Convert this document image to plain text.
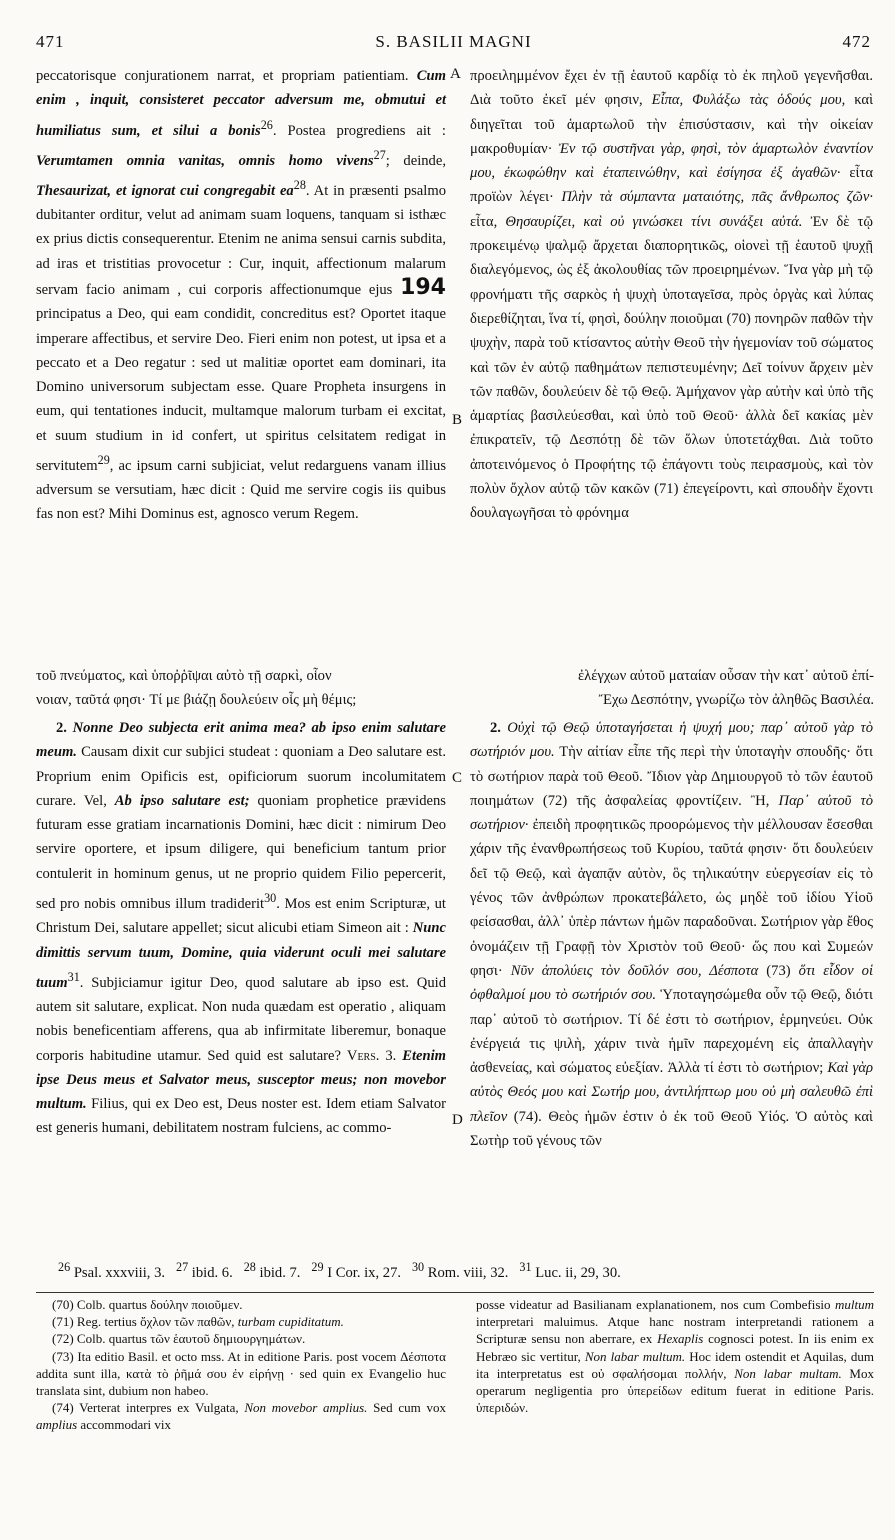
471	S. BASILII MAGNI	472
A
B
C
D

peccatorisque conjurationem narrat, et propriam patientiam. Cum enim , inquit, consisteret peccator adversum me, obmutui et humiliatus sum, et silui a bonis$^{26}$. Postea progrediens ait : Verumtamen omnia vanitas, omnis homo vivens$^{27}$; deinde, Thesaurizat, et ignorat cui congregabit $ea^{28}$. At in præsenti psalmo dubitanter orditur, velut ad animam suam loquens, tanquam si isthæc ex prius dictis consequerentur. Etenim ne anima sensui carnis subdita, ad iras et tristitias provocetur : Cur, inquit, affectionum malarum servam facio animam , cui corporis affectionumque ejus 194 principatus a Deo, qui eam condidit, concreditus est? Oportet itaque imperare affectibus, et servire Deo. Fieri enim non potest, ut ipsa et a peccato et a Deo regatur : sed ut malitiæ oportet eam dominari, ita Domino universorum subjectam esse. Quare Propheta insurgens in eum, qui tentationes inducit, multamque malorum turbam ei excitat, et suum studium in id confert, ut spiritus celsitatem redigat in servitutem$^{29}$, ac ipsum carni subjiciat, velut redarguens vanam illius adversum se versutiam, hæc dicit : Quid me servire cogis iis quibus fas non est? Mihi Dominus est, agnosco verum Regem.

προειλημμένον ἔχει ἐν τῇ ἑαυτοῦ καρδίᾳ τὸ ἐκ πηλοῦ γεγενῆσθαι. Διὰ τοῦτο ἐκεῖ μέν φησιν, Εἶπα, Φυλάξω τὰς ὁδούς μου, καὶ διηγεῖται τοῦ ἁμαρτωλοῦ τὴν ἐπισύστασιν, καὶ τὴν οἰκείαν μακροθυμίαν· Ἐν τῷ συστῆναι γὰρ, φησὶ, τὸν ἁμαρτωλὸν ἐναντίον μου, ἐκωφώθην καὶ ἐταπεινώθην, καὶ ἐσίγησα ἐξ ἀγαθῶν· εἶτα προϊὼν λέγει· Πλὴν τὰ σύμπαντα ματαιότης, πᾶς ἄνθρωπος ζῶν· εἶτα, Θησαυρίζει, καὶ οὐ γινώσκει τίνι συνάξει αὐτά. Ἐν δὲ τῷ προκειμένῳ ψαλμῷ ἄρχεται διαπορητικῶς, οἱονεὶ τῇ ἑαυτοῦ ψυχῇ διαλεγόμενος, ὡς ἐξ ἀκολουθίας τῶν προειρημένων. Ἵνα γὰρ μὴ τῷ φρονήματι τῆς σαρκὸς ἡ ψυχὴ ὑποταγεῖσα, πρὸς ὀργὰς καὶ λύπας διερεθίζηται, ἵνα τί, φησὶ, δούλην ποιοῦμαι (70) πονηρῶν παθῶν τὴν ψυχὴν, παρὰ τοῦ κτίσαντος αὐτὴν Θεοῦ τὴν ἡγεμονίαν τοῦ σώματος καὶ τῶν ἐν αὐτῷ παθημάτων πεπιστευμένην; Δεῖ τοίνυν ἄρχειν μὲν τῶν παθῶν, δουλεύειν δὲ τῷ Θεῷ. Ἀμήχανον γὰρ αὐτὴν καὶ ὑπὸ τῆς ἁμαρτίας βασιλεύεσθαι, καὶ ὑπὸ τοῦ Θεοῦ· ἀλλὰ δεῖ κακίας μὲν ἐπικρατεῖν, τῷ Δεσπότῃ δὲ τῶν ὅλων ὑποτετάχθαι. Διὰ τοῦτο ἀποτεινόμενος ὁ Προφήτης τῷ ἐπάγοντι τοὺς πειρασμοὺς, καὶ τὸν πολὺν ὄχλον αὐτῷ τῶν κακῶν (71) ἐπεγείροντι, καὶ σπουδὴν ἔχοντι δουλαγωγῆσαι τὸ φρόνημα

τοῦ πνεύματος, καὶ ὑποῤῥῖψαι αὐτὸ τῇ σαρκὶ, οἷον	ἐλέγχων αὐτοῦ ματαίαν οὖσαν τὴν κατ᾽ αὐτοῦ ἐπί-
νοιαν, ταῦτά φησι· Τί με βιάζῃ δουλεύειν οἷς μὴ θέμις;	Ἔχω Δεσπότην, γνωρίζω τὸν ἀληθῶς Βασιλέα.

2. Nonne Deo subjecta erit anima mea? ab ipso enim salutare meum. Causam dixit cur subjici studeat : quoniam a Deo salutare est. Proprium enim Opificis est, opificiorum suorum incolumitatem curare. Vel, Ab ipso salutare est; quoniam prophetice prævidens futuram esse gratiam incarnationis Domini, hæc dicit : nimirum Deo servire oportere, et ipsum diligere, qui beneficium tantum prior contulerit in hominum genus, ut ne proprio quidem Filio pepercerit, sed pro nobis omnibus illum tradiderit$^{30}$. Mos est enim Scripturæ, ut Christum Dei, salutare appellet; sicut alicubi etiam Simeon ait : Nunc dimittis servum tuum, Domine, quia viderunt oculi mei salutare tuum$^{31}$. Subjiciamur igitur Deo, quod salutare ab ipso est. Quid autem sit salutare, explicat. Non nuda quædam est operatio , aliquam nobis beneficentiam afferens, qua ab infirmitate liberemur, bonaque corporis habitudine utamur. Sed quid est salutare? Vers. 3. Etenim ipse Deus meus et Salvator meus, susceptor meus; non movebor multum. Filius, qui ex Deo est, Deus noster est. Idem etiam Salvator est generis humani, debilitatem nostram fulciens, ac commo-

2. Οὐχὶ τῷ Θεῷ ὑποταγήσεται ἡ ψυχή μου; παρ᾽ αὐτοῦ γὰρ τὸ σωτήριόν μου. Τὴν αἰτίαν εἶπε τῆς περὶ τὴν ὑποταγὴν σπουδῆς· ὅτι τὸ σωτήριον παρὰ τοῦ Θεοῦ. Ἴδιον γὰρ Δημιουργοῦ τὸ τῶν ἑαυτοῦ ποιημάτων (72) τῆς ἀσφαλείας φροντίζειν. Ἢ, Παρ᾽ αὐτοῦ τὸ σωτήριον· ἐπειδὴ προφητικῶς προορώμενος τὴν μέλλουσαν ἔσεσθαι χάριν τῆς ἐνανθρωπήσεως τοῦ Κυρίου, ταῦτά φησιν· ὅτι δουλεύειν δεῖ τῷ Θεῷ, καὶ ἀγαπᾷν αὐτὸν, ὃς τηλικαύτην εὐεργεσίαν εἰς τὸ γένος τῶν ἀνθρώπων προκατεβάλετο, ὡς μηδὲ τοῦ ἰδίου Υἱοῦ φείσασθαι, ἀλλ᾽ ὑπὲρ πάντων ἡμῶν παραδοῦναι. Σωτήριον γὰρ ἔθος ὀνομάζειν τῇ Γραφῇ τὸν Χριστὸν τοῦ Θεοῦ· ὥς που καὶ Συμεών φησι· Νῦν ἀπολύεις τὸν δοῦλόν σου, Δέσποτα (73) ὅτι εἶδον οἱ ὀφθαλμοί μου τὸ σωτήριόν σου. Ὑποταγησώμεθα οὖν τῷ Θεῷ, διότι παρ᾽ αὐτοῦ τὸ σωτήριον. Τί δέ ἐστι τὸ σωτήριον, ἑρμηνεύει. Οὐκ ἐνέργειά τις ψιλὴ, χάριν τινὰ ἡμῖν παρεχομένη εἰς ἀπαλλαγὴν ἀσθενείας, καὶ σώματος εὐεξίαν. Ἀλλὰ τί ἐστι τὸ σωτήριον; Καὶ γὰρ αὐτὸς Θεός μου καὶ Σωτήρ μου, ἀντιλήπτωρ μου οὐ μὴ σαλευθῶ ἐπὶ πλεῖον (74). Θεὸς ἡμῶν ἐστιν ὁ ἐκ τοῦ Θεοῦ Υἱός. Ὁ αὐτὸς καὶ Σωτὴρ τοῦ γένους τῶν

$^{26}$ Psal. xxxviii, 3. $^{27}$ ibid. 6. $^{28}$ ibid. 7. $^{29}$ I Cor. ix, 27. $^{30}$ Rom. viii, 32. $^{31}$ Luc. ii, 29, 30.

(70) Colb. quartus δούλην ποιοῦμεν.

(71) Reg. tertius ὄχλον τῶν παθῶν, turbam cupiditatum.

(72) Colb. quartus τῶν ἑαυτοῦ δημιουργημάτων.

(73) Ita editio Basil. et octo mss. At in editione Paris. post vocem Δέσποτα addita sunt illa, κατὰ τὸ ῥῆμά σου ἐν εἰρήνῃ · sed quin ex Evangelio huc translata sint, dubium non habeo.

(74) Verterat interpres ex Vulgata, Non movebor amplius. Sed cum vox amplius accommodari vix

posse videatur ad Basilianam explanationem, nos cum Combefisio multum interpretari maluimus. Atque hanc nostram interpretandi rationem a Scripturæ sensu non aberrare, ex Hexaplis cognosci potest. In iis enim ex Hebræo sic vertitur, Non labar multum. Hoc idem ostendit et Aquilas, dum ita interpretatus est οὐ σφαλήσομαι πολλήν, Non labar multam. Mox operarum negligentia pro ὑπερείδων editum fuerat in editione Paris. ὑπεριδών.
